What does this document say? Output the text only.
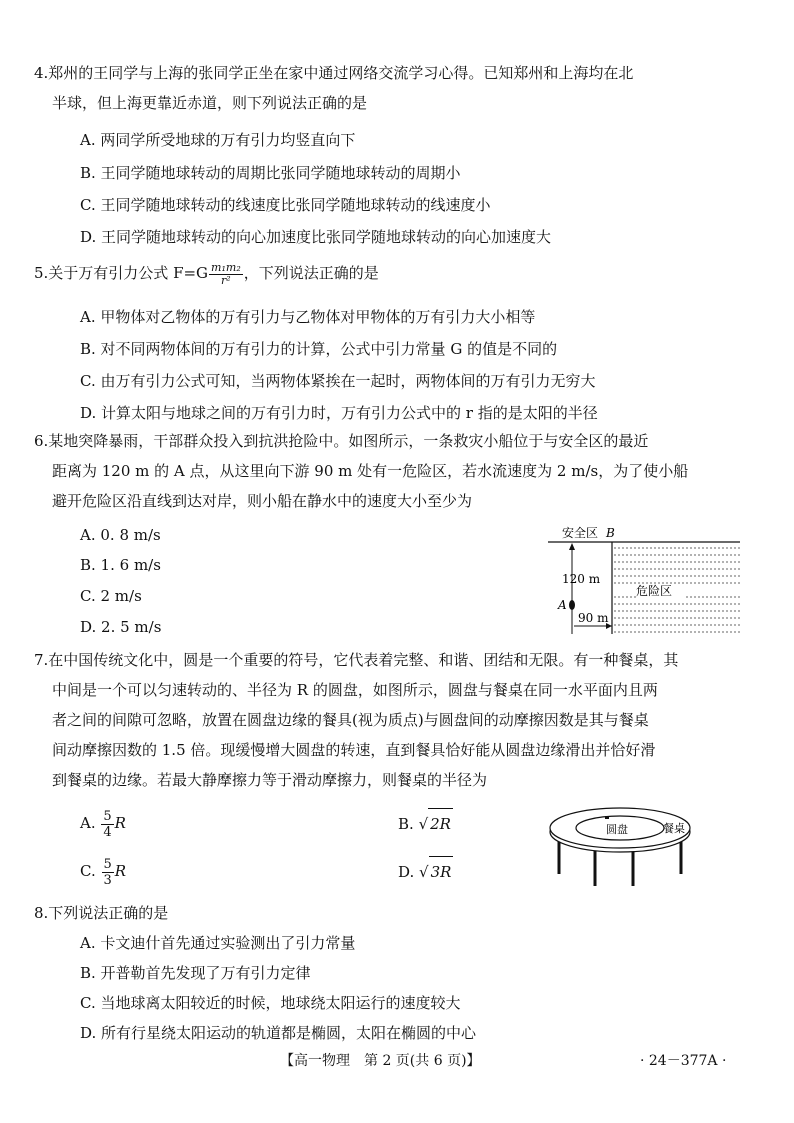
4.郑州的王同学与上海的张同学正坐在家中通过网络交流学习心得。已知郑州和上海均在北
半球，但上海更靠近赤道，则下列说法正确的是
A. 两同学所受地球的万有引力均竖直向下
B. 王同学随地球转动的周期比张同学随地球转动的周期小
C. 王同学随地球转动的线速度比张同学随地球转动的线速度小
D. 王同学随地球转动的向心加速度比张同学随地球转动的向心加速度大
5.关于万有引力公式 $F=G \frac{\text{m₁m₂}}{\text{r²}}$ ，下列说法正确的是
A. 甲物体对乙物体的万有引力与乙物体对甲物体的万有引力大小相等
B. 对不同两物体间的万有引力的计算，公式中引力常量 G 的值是不同的
C. 由万有引力公式可知，当两物体紧挨在一起时，两物体间的万有引力无穷大
D. 计算太阳与地球之间的万有引力时，万有引力公式中的 r 指的是太阳的半径
6.某地突降暴雨，干部群众投入到抗洪抢险中。如图所示，一条救灾小船位于与安全区的最近
距离为 120 m 的 A 点，从这里向下游 90 m 处有一危险区，若水流速度为 2 m/s，为了使小船
避开危险区沿直线到达对岸，则小船在静水中的速度大小至少为
A. 0. 8 m/s
B. 1. 6 m/s
C. 2 m/s
D. 2. 5 m/s
安全区 B
120 m
A
90 m
危险区
7.在中国传统文化中，圆是一个重要的符号，它代表着完整、和谐、团结和无限。有一种餐桌，其
中间是一个可以匀速转动的、半径为 R 的圆盘，如图所示，圆盘与餐桌在同一水平面内且两
者之间的间隙可忽略，放置在圆盘边缘的餐具(视为质点)与圆盘间的动摩擦因数是其与餐桌
间动摩擦因数的 1.5 倍。现缓慢增大圆盘的转速，直到餐具恰好能从圆盘边缘滑出并恰好滑
到餐桌的边缘。若最大静摩擦力等于滑动摩擦力，则餐桌的半径为
A. $\frac{5}{4}$ R	B. √ 2R
C. $\frac{5}{3}$ R	D. √ 3R
圆盘	餐桌
8.下列说法正确的是
A. 卡文迪什首先通过实验测出了引力常量
B. 开普勒首先发现了万有引力定律
C. 当地球离太阳较近的时候，地球绕太阳运行的速度较大
D. 所有行星绕太阳运动的轨道都是椭圆，太阳在椭圆的中心
【高一物理　第 2 页(共 6 页)】	· 24－377A ·
